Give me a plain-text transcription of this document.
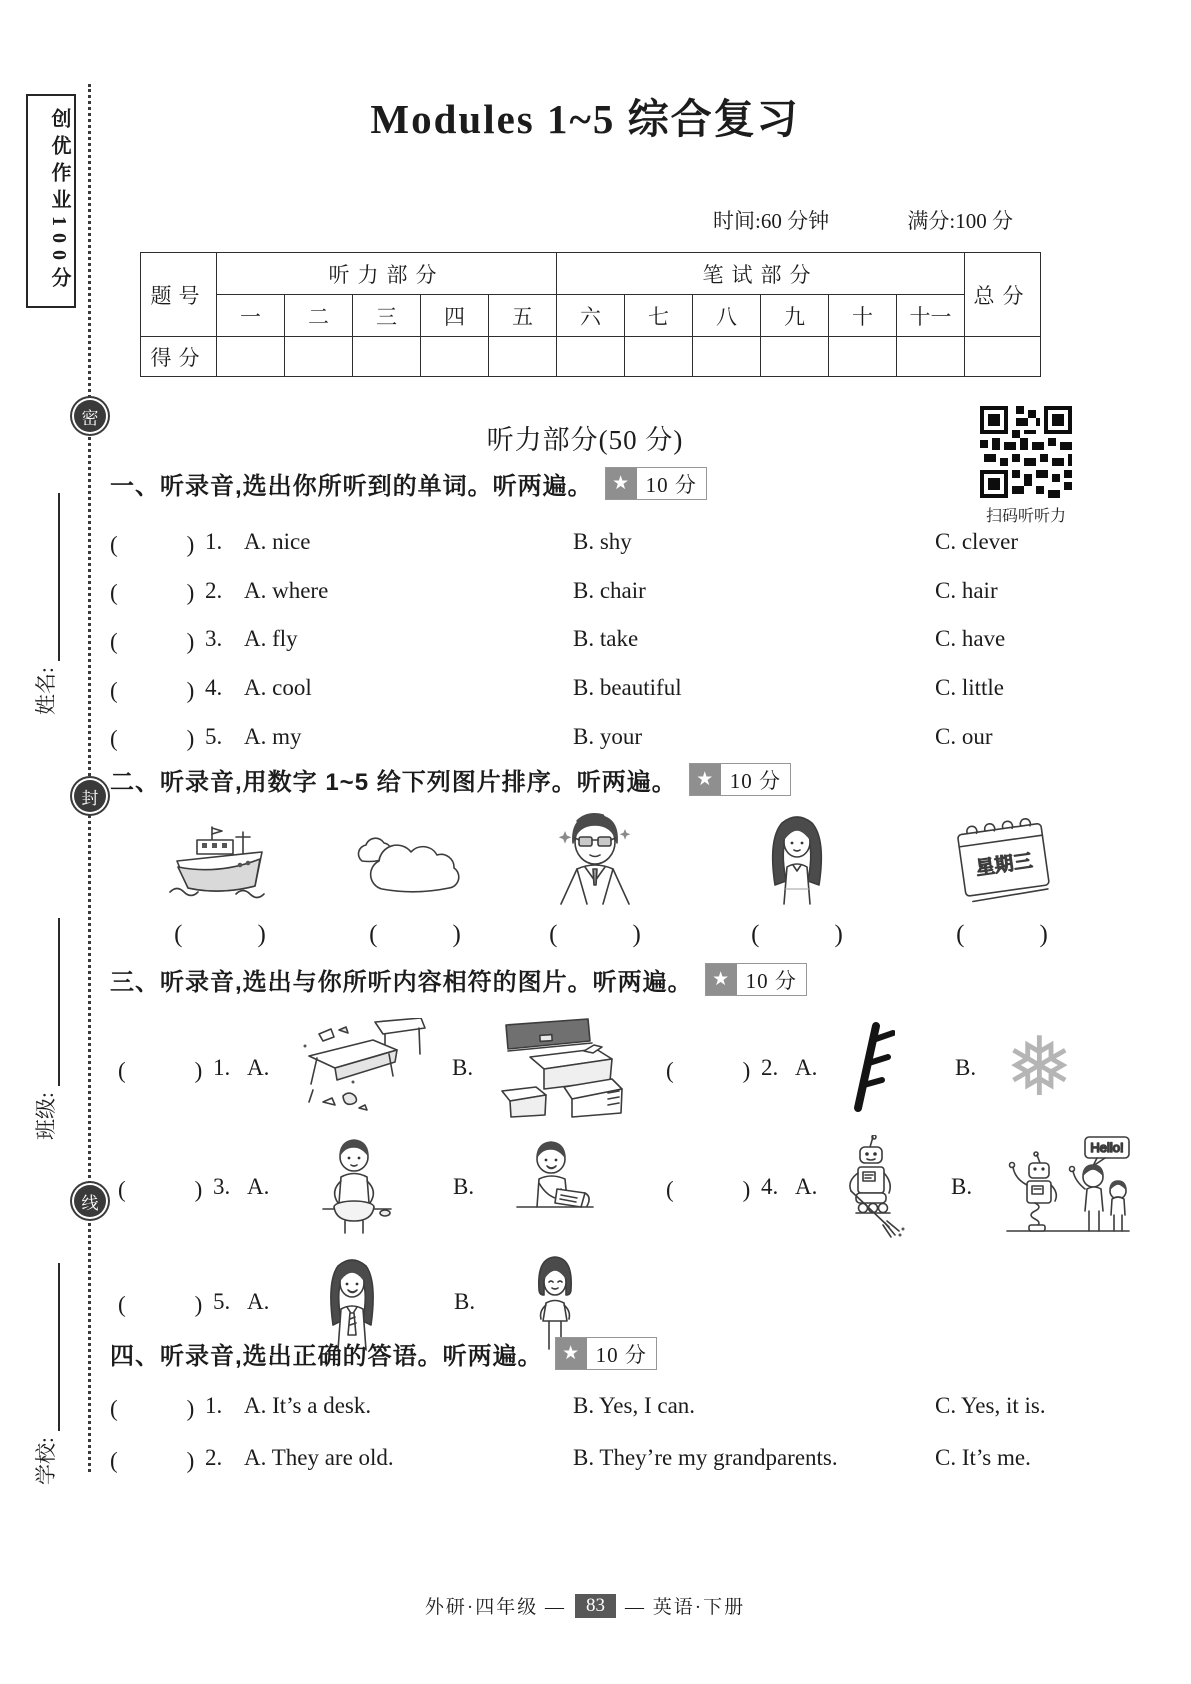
创优作业100分
密
封
线
姓名:
班级:
学校:
Modules 1~5 综合复习
时间:60 分钟	满分:100 分
题号	听力部分					笔试部分						总分
	一	二	三	四	五	六	七	八	九	十	十一	
得分												
听力部分(50 分)
扫码听听力
一、 听录音,选出你所听到的单词。听两遍。	★ 10 分
(　　　) 1. A. nice	B. shy	C. clever
(　　　) 2. A. where	B. chair	C. hair
(　　　) 3. A. fly	B. take	C. have
(　　　) 4. A. cool	B. beautiful	C. little
(　　　) 5. A. my	B. your	C. our
二、 听录音,用数字 1~5 给下列图片排序。听两遍。	★ 10 分
(　　　)	(　　　)	(　　　)	(　　　)
星期三
(　　　)
三、 听录音,选出与你所听内容相符的图片。听两遍。	★ 10 分
(　　　) 1. A.	B.	(　　　) 2. A.	B. ❅
(　　　) 3. A.	B.	(　　　) 4. A.	B.
Hello!
(　　　) 5. A.	B.
四、 听录音,选出正确的答语。听两遍。	★ 10 分
(　　　) 1. A. It’s a desk.	B. Yes, I can.	C. Yes, it is.
(　　　) 2. A. They are old.	B. They’re my grandparents.	C. It’s me.
外研·四年级 —	83	— 英语·下册
